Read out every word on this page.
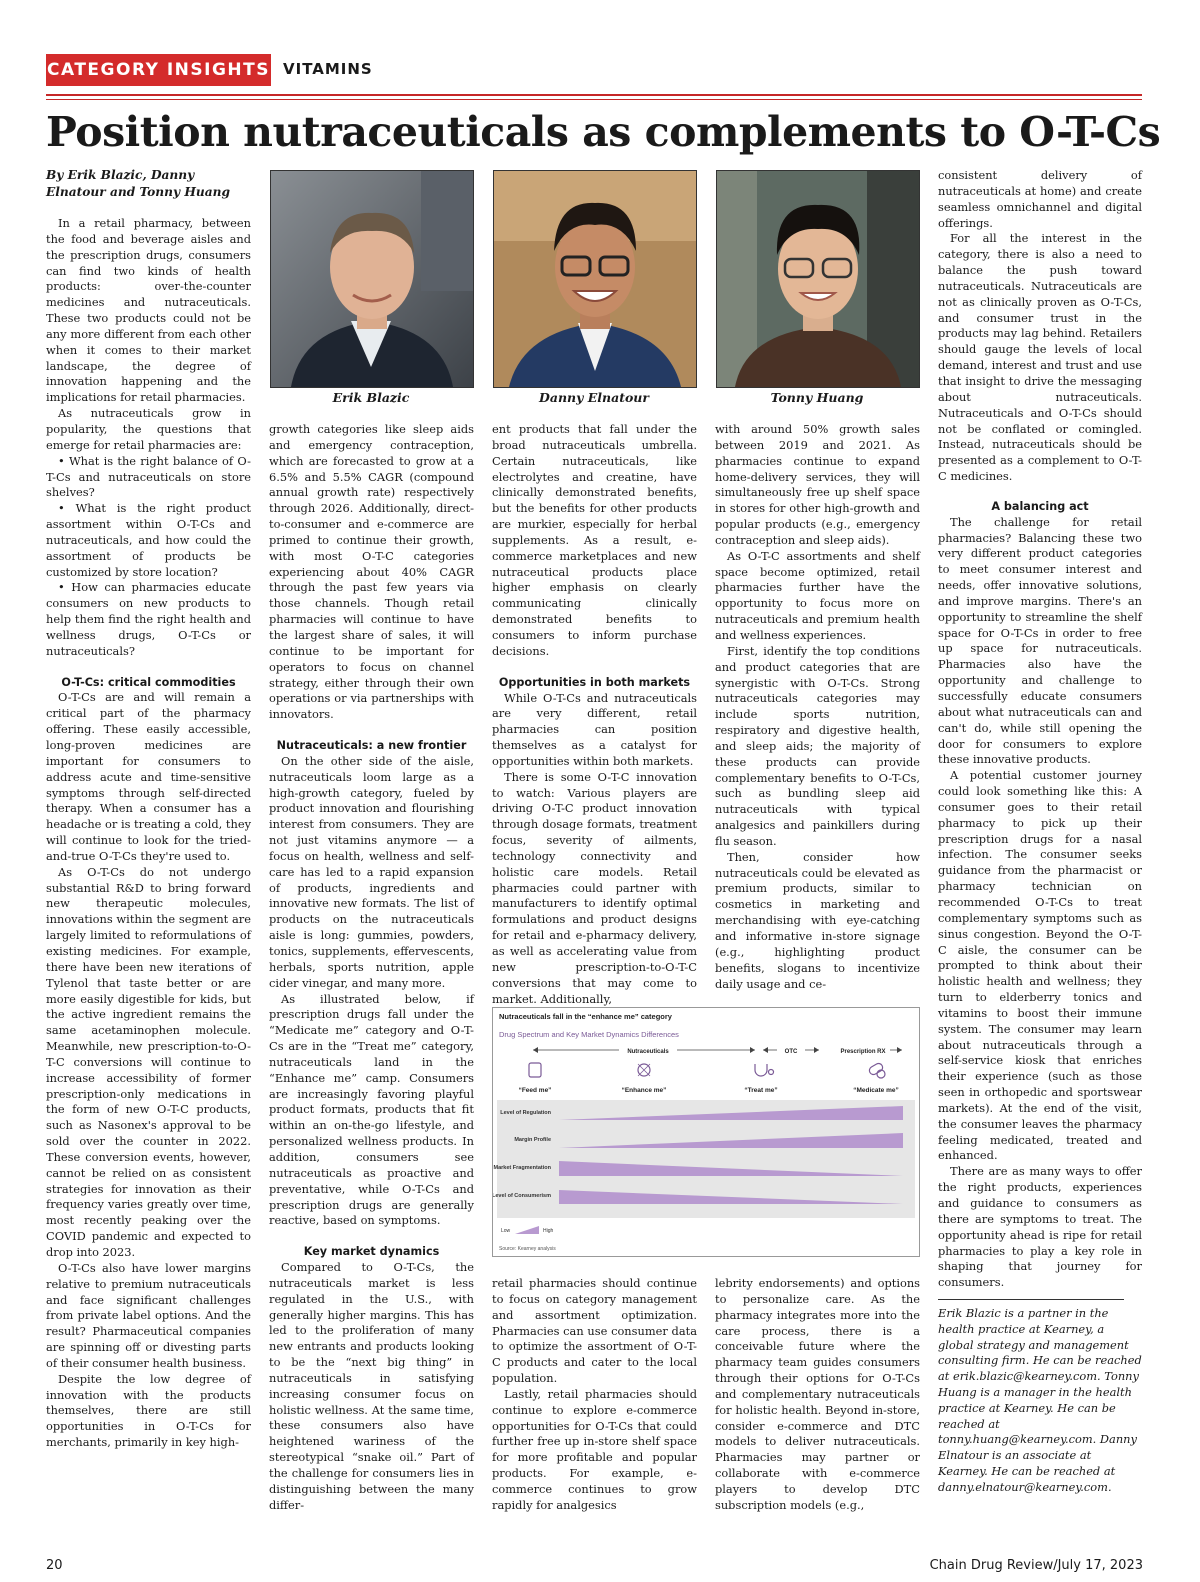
CATEGORY INSIGHTS VITAMINS
Position nutraceuticals as complements to O-T-Cs
By Erik Blazic, Danny Elnatour and Tonny Huang
Erik Blazic	Danny Elnatour	Tonny Huang

In a retail pharmacy, between the food and beverage aisles and the prescription drugs, consumers can find two kinds of health products: over-the-counter medicines and nutraceuticals. These two products could not be any more different from each other when it comes to their market landscape, the degree of innovation happening and the implications for retail pharmacies.

As nutraceuticals grow in popularity, the questions that emerge for retail pharmacies are:

• What is the right balance of O-T-Cs and nutraceuticals on store shelves?

• What is the right product assortment within O-T-Cs and nutraceuticals, and how could the assortment of products be customized by store location?

• How can pharmacies educate consumers on new products to help them find the right health and wellness drugs, O-T-Cs or nutraceuticals?

O-T-Cs: critical commodities

O-T-Cs are and will remain a critical part of the pharmacy offering. These easily accessible, long-proven medicines are important for consumers to address acute and time-sensitive symptoms through self-directed therapy. When a consumer has a headache or is treating a cold, they will continue to look for the tried-and-true O-T-Cs they're used to.

As O-T-Cs do not undergo substantial R&D to bring forward new therapeutic molecules, innovations within the segment are largely limited to reformulations of existing medicines. For example, there have been new iterations of Tylenol that taste better or are more easily digestible for kids, but the active ingredient remains the same acetaminophen molecule. Meanwhile, new prescription-to-O-T-C conversions will continue to increase accessibility of former prescription-only medications in the form of new O-T-C products, such as Nasonex's approval to be sold over the counter in 2022. These conversion events, however, cannot be relied on as consistent strategies for innovation as their frequency varies greatly over time, most recently peaking over the COVID pandemic and expected to drop into 2023.

O-T-Cs also have lower margins relative to premium nutraceuticals and face significant challenges from private label options. And the result? Pharmaceutical companies are spinning off or divesting parts of their consumer health business.

Despite the low degree of innovation with the products themselves, there are still opportunities in O-T-Cs for merchants, primarily in key high-

growth categories like sleep aids and emergency contraception, which are forecasted to grow at a 6.5% and 5.5% CAGR (compound annual growth rate) respectively through 2026. Additionally, direct-to-consumer and e-commerce are primed to continue their growth, with most O-T-C categories experiencing about 40% CAGR through the past few years via those channels. Though retail pharmacies will continue to have the largest share of sales, it will continue to be important for operators to focus on channel strategy, either through their own operations or via partnerships with innovators.

Nutraceuticals: a new frontier

On the other side of the aisle, nutraceuticals loom large as a high-growth category, fueled by product innovation and flourishing interest from consumers. They are not just vitamins anymore — a focus on health, wellness and self-care has led to a rapid expansion of products, ingredients and innovative new formats. The list of products on the nutraceuticals aisle is long: gummies, powders, tonics, supplements, effervescents, herbals, sports nutrition, apple cider vinegar, and many more.

As illustrated below, if prescription drugs fall under the “Medicate me” category and O-T-Cs are in the “Treat me” category, nutraceuticals land in the “Enhance me” camp. Consumers are increasingly favoring playful product formats, products that fit within an on-the-go lifestyle, and personalized wellness products. In addition, consumers see nutraceuticals as proactive and preventative, while O-T-Cs and prescription drugs are generally reactive, based on symptoms.

Key market dynamics

Compared to O-T-Cs, the nutraceuticals market is less regulated in the U.S., with generally higher margins. This has led to the proliferation of many new entrants and products looking to be the “next big thing” in nutraceuticals in satisfying increasing consumer focus on holistic wellness. At the same time, these consumers also have heightened wariness of the stereotypical “snake oil.” Part of the challenge for consumers lies in distinguishing between the many differ-

ent products that fall under the broad nutraceuticals umbrella. Certain nutraceuticals, like electrolytes and creatine, have clinically demonstrated benefits, but the benefits for other products are murkier, especially for herbal supplements. As a result, e-commerce marketplaces and new nutraceutical products place higher emphasis on clearly communicating clinically demonstrated benefits to consumers to inform purchase decisions.

Opportunities in both markets

While O-T-Cs and nutraceuticals are very different, retail pharmacies can position themselves as a catalyst for opportunities within both markets.

There is some O-T-C innovation to watch: Various players are driving O-T-C product innovation through dosage formats, treatment focus, severity of ailments, technology connectivity and holistic care models. Retail pharmacies could partner with manufacturers to identify optimal formulations and product designs for retail and e-pharmacy delivery, as well as accelerating value from new prescription-to-O-T-C conversions that may come to market. Additionally,

retail pharmacies should continue to focus on category management and assortment optimization. Pharmacies can use consumer data to optimize the assortment of O-T-C products and cater to the local population.

Lastly, retail pharmacies should continue to explore e-commerce opportunities for O-T-Cs that could further free up in-store shelf space for more profitable and popular products. For example, e-commerce continues to grow rapidly for analgesics

with around 50% growth sales between 2019 and 2021. As pharmacies continue to expand home-delivery services, they will simultaneously free up shelf space in stores for other high-growth and popular products (e.g., emergency contraception and sleep aids).

As O-T-C assortments and shelf space become optimized, retail pharmacies further have the opportunity to focus more on nutraceuticals and premium health and wellness experiences.

First, identify the top conditions and product categories that are synergistic with O-T-Cs. Strong nutraceuticals categories may include sports nutrition, respiratory and digestive health, and sleep aids; the majority of these products can provide complementary benefits to O-T-Cs, such as bundling sleep aid nutraceuticals with typical analgesics and painkillers during flu season.

Then, consider how nutraceuticals could be elevated as premium products, similar to cosmetics in marketing and merchandising with eye-catching and informative in-store signage (e.g., highlighting product benefits, slogans to incentivize daily usage and ce-

lebrity endorsements) and options to personalize care. As the pharmacy integrates more into the care process, there is a conceivable future where the pharmacy team guides consumers through their options for O-T-Cs and complementary nutraceuticals for holistic health. Beyond in-store, consider e-commerce and DTC models to deliver nutraceuticals. Pharmacies may partner or collaborate with e-commerce players to develop DTC subscription models (e.g.,

consistent delivery of nutraceuticals at home) and create seamless omnichannel and digital offerings.

For all the interest in the category, there is also a need to balance the push toward nutraceuticals. Nutraceuticals are not as clinically proven as O-T-Cs, and consumer trust in the products may lag behind. Retailers should gauge the levels of local demand, interest and trust and use that insight to drive the messaging about nutraceuticals. Nutraceuticals and O-T-Cs should not be conflated or comingled. Instead, nutraceuticals should be presented as a complement to O-T-C medicines.

A balancing act

The challenge for retail pharmacies? Balancing these two very different product categories to meet consumer interest and needs, offer innovative solutions, and improve margins. There's an opportunity to streamline the shelf space for O-T-Cs in order to free up space for nutraceuticals. Pharmacies also have the opportunity and challenge to successfully educate consumers about what nutraceuticals can and can't do, while still opening the door for consumers to explore these innovative products.

A potential customer journey could look something like this: A consumer goes to their retail pharmacy to pick up their prescription drugs for a nasal infection. The consumer seeks guidance from the pharmacist or pharmacy technician on recommended O-T-Cs to treat complementary symptoms such as sinus congestion. Beyond the O-T-C aisle, the consumer can be prompted to think about their holistic health and wellness; they turn to elderberry tonics and vitamins to boost their immune system. The consumer may learn about nutraceuticals through a self-service kiosk that enriches their experience (such as those seen in orthopedic and sportswear markets). At the end of the visit, the consumer leaves the pharmacy feeling medicated, treated and enhanced.

There are as many ways to offer the right products, experiences and guidance to consumers as there are symptoms to treat. The opportunity ahead is ripe for retail pharmacies to play a key role in shaping that journey for consumers.

Erik Blazic is a partner in the health practice at Kearney, a global strategy and management consulting firm. He can be reached at erik.blazic@kearney.com. Tonny Huang is a manager in the health practice at Kearney. He can be reached at tonny.huang@kearney.com. Danny Elnatour is an associate at Kearney. He can be reached at danny.elnatour@kearney.com.

Nutraceuticals fall in the “enhance me” category
Drug Spectrum and Key Market Dynamics Differences
Nutraceuticals	OTC	Prescription RX
“Feed me”	“Enhance me”	“Treat me”	“Medicate me”
Level of Regulation
Margin Profile
Market Fragmentation
Level of Consumerism
Low	High
Source: Kearney analysis
20	Chain Drug Review/July 17, 2023
